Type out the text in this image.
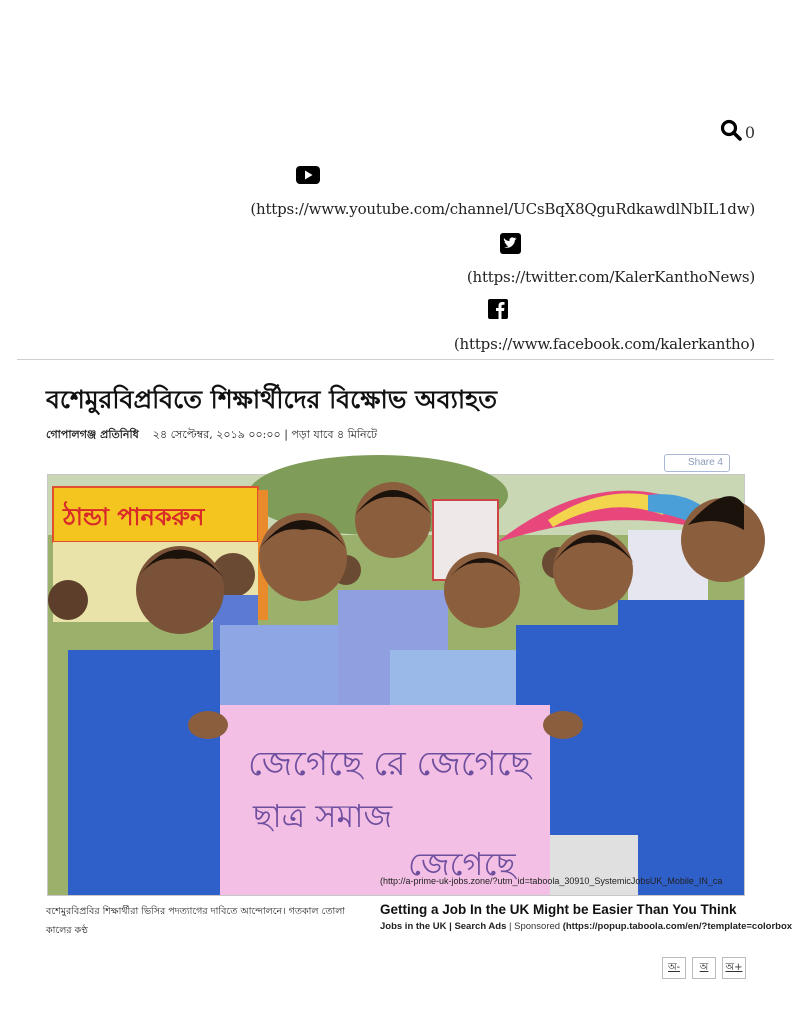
0
(https://www.youtube.com/channel/UCsBqX8QguRdkawdlNbIL1dw)
(https://twitter.com/KalerKanthoNews)
(https://www.facebook.com/kalerkantho)
বশেমুরবিপ্রবিতে শিক্ষার্থীদের বিক্ষোভ অব্যাহত
গোপালগঞ্জ প্রতিনিধি ২৪ সেপ্টেম্বর, ২০১৯ ০০:০০ | পড়া যাবে ৪ মিনিটে
Share 4
ঠান্ডা পানকরুন
জেগেছে রে জেগেছে
ছাত্র সমাজ
জেগেছে
(http://a-prime-uk-jobs.zone/?utm_id=taboola_30910_SystemicJobsUK_Mobile_IN_ca
Getting a Job In the UK Might be Easier Than You Think
Jobs in the UK | Search Ads | Sponsored (https://popup.taboola.com/en/?template=colorbox
বশেমুরবিপ্রবির শিক্ষার্থীরা ভিসির পদত্যাগের দাবিতে আন্দোলনে। গতকাল তোলা
কালের কণ্ঠ
অ-	অ	অ+
